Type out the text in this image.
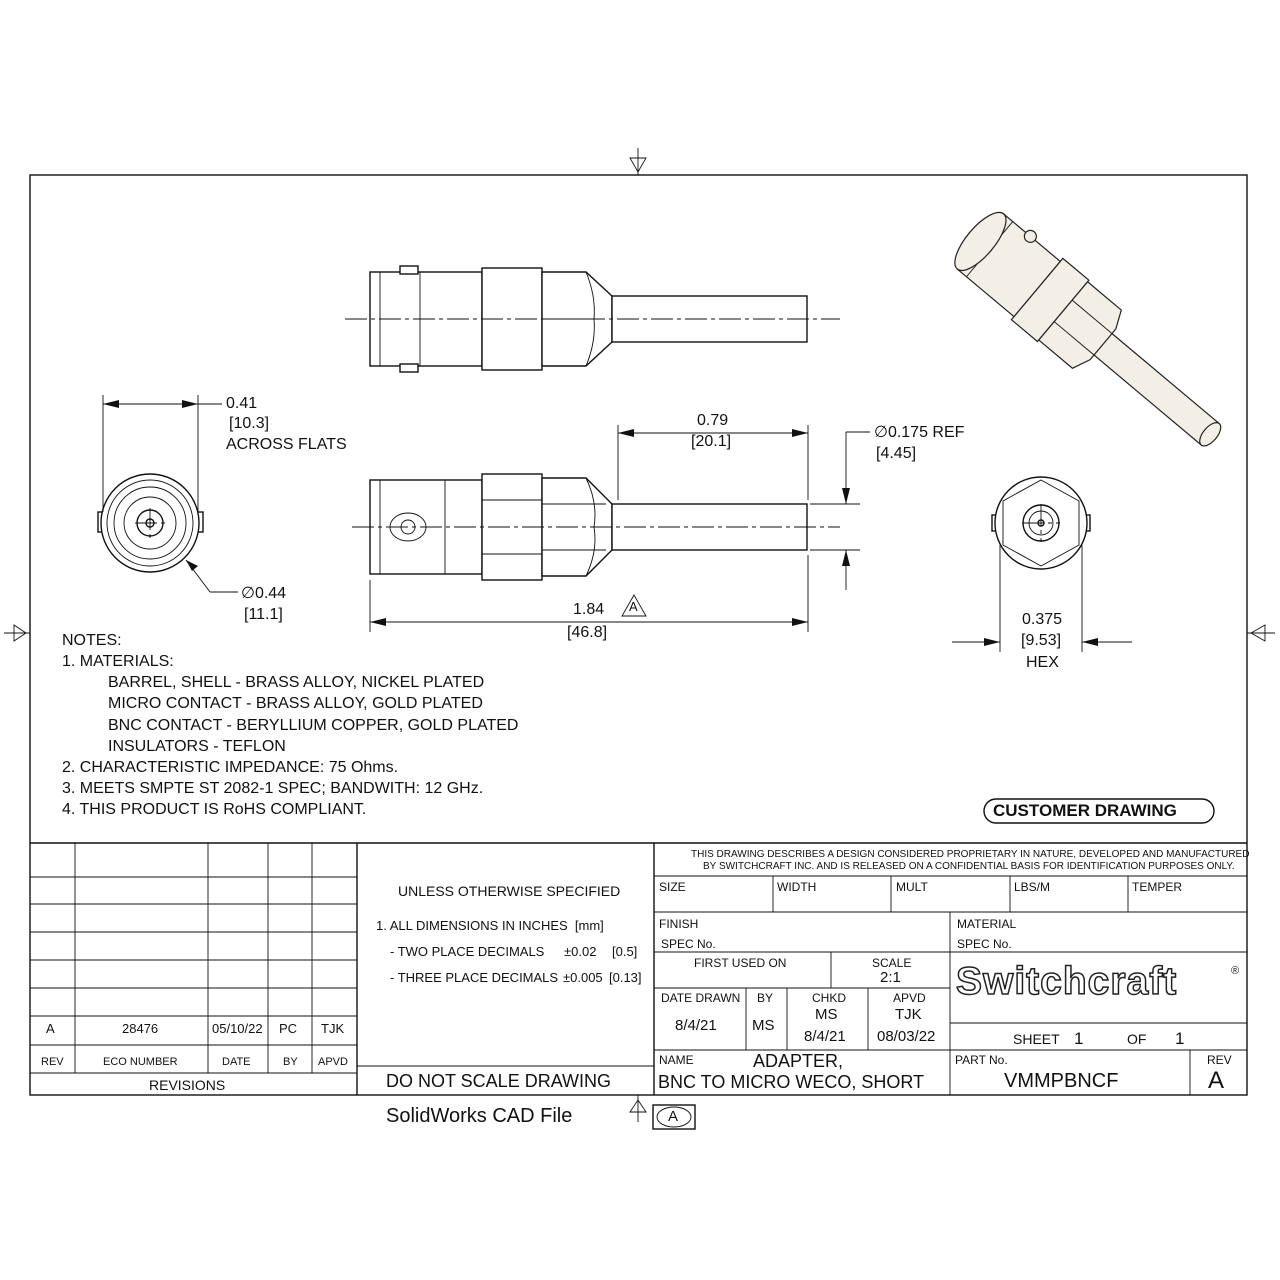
0.41
[10.3]
ACROSS FLATS
∅0.44
[11.1]
0.79
[20.1]
∅0.175 REF
[4.45]
1.84
[46.8]
A
0.375
[9.53]
HEX
NOTES:
1. MATERIALS:
BARREL, SHELL - BRASS ALLOY, NICKEL PLATED
MICRO CONTACT - BRASS ALLOY, GOLD PLATED
BNC CONTACT - BERYLLIUM COPPER, GOLD PLATED
INSULATORS - TEFLON
2. CHARACTERISTIC IMPEDANCE: 75 Ohms.
3. MEETS SMPTE ST 2082-1 SPEC; BANDWITH: 12 GHz.
4. THIS PRODUCT IS RoHS COMPLIANT.	CUSTOMER DRAWING
A	28476	05/10/22 PC TJK
REV	ECO NUMBER	DATE	BY APVD
REVISIONS
UNLESS OTHERWISE SPECIFIED
1. ALL DIMENSIONS IN INCHES  [mm]
- TWO PLACE DECIMALS ±0.02 [0.5]
- THREE PLACE DECIMALS ±0.005 [0.13]
DO NOT SCALE DRAWING
THIS DRAWING DESCRIBES A DESIGN CONSIDERED PROPRIETARY IN NATURE, DEVELOPED AND MANUFACTURED
BY SWITCHCRAFT INC. AND IS RELEASED ON A CONFIDENTIAL BASIS FOR IDENTIFICATION PURPOSES ONLY.
SIZE	WIDTH	MULT	LBS/M	TEMPER
FINISH
SPEC No.
MATERIAL
SPEC No.
FIRST USED ON	SCALE
2:1
DATE DRAWN
8/4/21
BY
MS
CHKD
MS
8/4/21
APVD
TJK
08/03/22
Switchcraft	®
SHEET 1	OF 1
NAME	ADAPTER,
BNC TO MICRO WECO, SHORT
PART No.
VMMPBNCF
REV
A
SolidWorks CAD File	A
